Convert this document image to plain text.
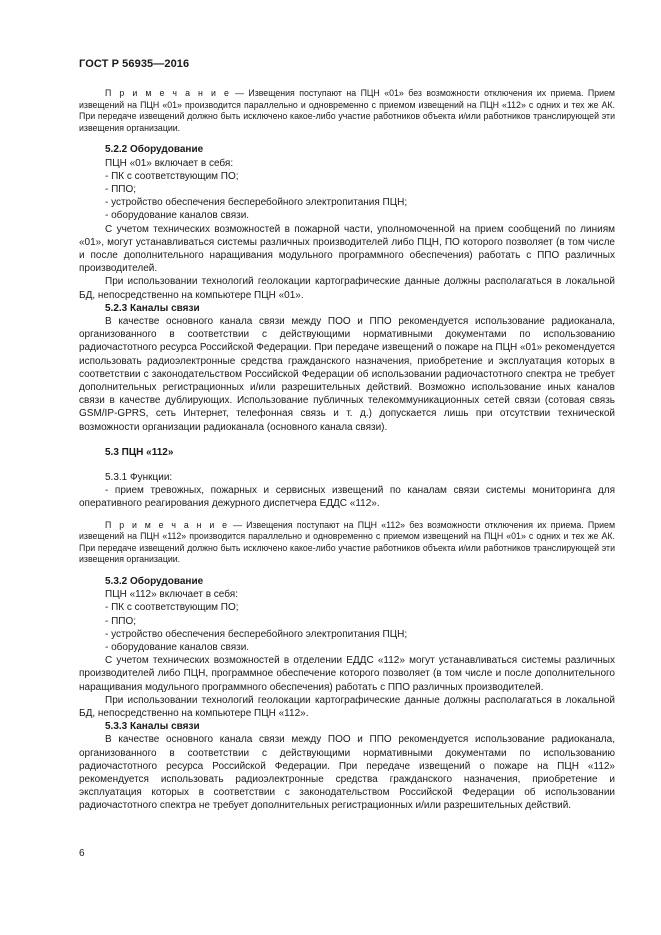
ГОСТ Р 56935—2016

П р и м е ч а н и е — Извещения поступают на ПЦН «01» без возможности отключения их приема. Прием извещений на ПЦН «01» производится параллельно и одновременно с приемом извещений на ПЦН «112» с одних и тех же АК. При передаче извещений должно быть исключено какое-либо участие работников объекта и/или работников транслирующей эти извещения организации.

5.2.2 Оборудование

ПЦН «01» включает в себя:

- ПК с соответствующим ПО;

- ППО;

- устройство обеспечения бесперебойного электропитания ПЦН;

- оборудование каналов связи.

С учетом технических возможностей в пожарной части, уполномоченной на прием сообщений по линиям «01», могут устанавливаться системы различных производителей либо ПЦН, ПО которого позволяет (в том числе и после дополнительного наращивания модульного программного обеспечения) работать с ППО различных производителей.

При использовании технологий геолокации картографические данные должны располагаться в локальной БД, непосредственно на компьютере ПЦН «01».

5.2.3 Каналы связи

В качестве основного канала связи между ПОО и ППО рекомендуется использование радиоканала, организованного в соответствии с действующими нормативными документами по использованию радиочастотного ресурса Российской Федерации. При передаче извещений о пожаре на ПЦН «01» рекомендуется использовать радиоэлектронные средства гражданского назначения, приобретение и эксплуатация которых в соответствии с законодательством Российской Федерации об использовании радиочастотного спектра не требует дополнительных регистрационных и/или разрешительных действий. Возможно использование иных каналов связи в качестве дублирующих. Использование публичных телекоммуникационных сетей связи (сотовая связь GSM/IP-GPRS, сеть Интернет, телефонная связь и т. д.) допускается лишь при отсутствии технической возможности организации радиоканала (основного канала связи).

5.3 ПЦН «112»

5.3.1 Функции:

- прием тревожных, пожарных и сервисных извещений по каналам связи системы мониторинга для оперативного реагирования дежурного диспетчера ЕДДС «112».

П р и м е ч а н и е — Извещения поступают на ПЦН «112» без возможности отключения их приема. Прием извещений на ПЦН «112» производится параллельно и одновременно с приемом извещений на ПЦН «01» с одних и тех же АК. При передаче извещений должно быть исключено какое-либо участие работников объекта и/или работников транслирующей эти извещения организации.

5.3.2 Оборудование

ПЦН «112» включает в себя:

- ПК с соответствующим ПО;

- ППО;

- устройство обеспечения бесперебойного электропитания ПЦН;

- оборудование каналов связи.

С учетом технических возможностей в отделении ЕДДС «112» могут устанавливаться системы различных производителей либо ПЦН, программное обеспечение которого позволяет (в том числе и после дополнительного наращивания модульного программного обеспечения) работать с ППО различных производителей.

При использовании технологий геолокации картографические данные должны располагаться в локальной БД, непосредственно на компьютере ПЦН «112».

5.3.3 Каналы связи

В качестве основного канала связи между ПОО и ППО рекомендуется использование радиоканала, организованного в соответствии с действующими нормативными документами по использованию радиочастотного ресурса Российской Федерации. При передаче извещений о пожаре на ПЦН «112» рекомендуется использовать радиоэлектронные средства гражданского назначения, приобретение и эксплуатация которых в соответствии с законодательством Российской Федерации об использовании радиочастотного спектра не требует дополнительных регистрационных и/или разрешительных действий.

6
